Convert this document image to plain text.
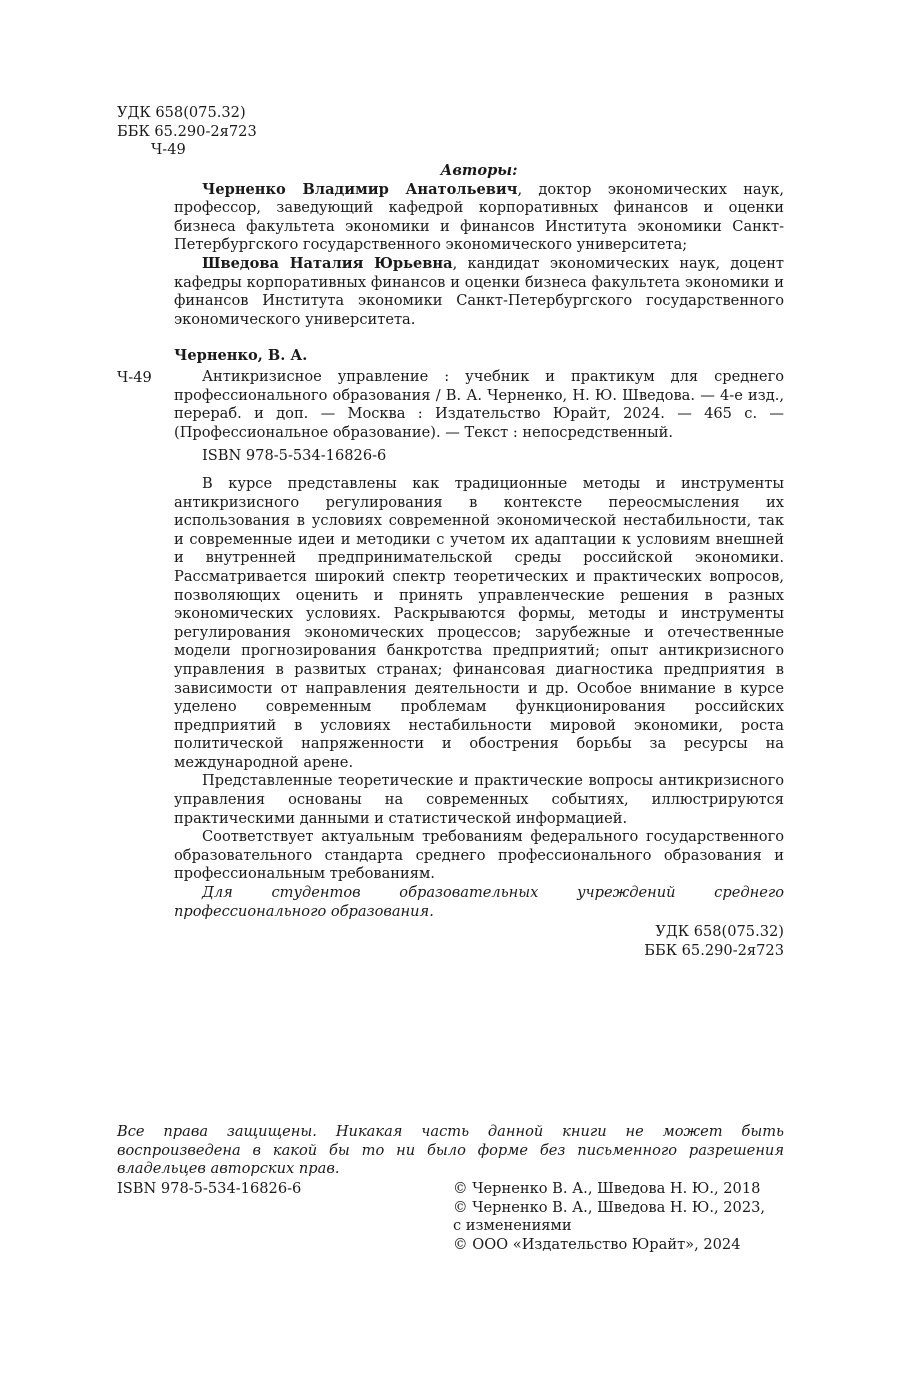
УДК 658(075.32)
ББК 65.290-2я723
Ч-49

Авторы:

Черненко Владимир Анатольевич, доктор экономических наук, профессор, заведующий кафедрой корпоративных финансов и оценки бизнеса факультета экономики и финансов Института экономики Санкт-Петербургского государственного экономического университета;

Шведова Наталия Юрьевна, кандидат экономических наук, доцент кафедры корпоративных финансов и оценки бизнеса факультета экономики и финансов Института экономики Санкт-Петербургского государственного экономического университета.

Черненко, В. А.
Ч-49	Антикризисное управление : учебник и практикум для среднего профессионального образования / В. А. Черненко, Н. Ю. Шведова. — 4-е изд., перераб. и доп. — Москва : Издательство Юрайт, 2024. — 465 с. — (Профессиональное образование). — Текст : непосредственный.

ISBN 978-5-534-16826-6

В курсе представлены как традиционные методы и инструменты антикризисного регулирования в контексте переосмысления их использования в условиях современной экономической нестабильности, так и современные идеи и методики с учетом их адаптации к условиям внешней и внутренней предпринимательской среды российской экономики. Рассматривается широкий спектр теоретических и практических вопросов, позволяющих оценить и принять управленческие решения в разных экономических условиях. Раскрываются формы, методы и инструменты регулирования экономических процессов; зарубежные и отечественные модели прогнозирования банкротства предприятий; опыт антикризисного управления в развитых странах; финансовая диагностика предприятия в зависимости от направления деятельности и др. Особое внимание в курсе уделено современным проблемам функционирования российских предприятий в условиях нестабильности мировой экономики, роста политической напряженности и обострения борьбы за ресурсы на международной арене.

Представленные теоретические и практические вопросы антикризисного управления основаны на современных событиях, иллюстрируются практическими данными и статистической информацией.

Соответствует актуальным требованиям федерального государственного образовательного стандарта среднего профессионального образования и профессиональным требованиям.

Для студентов образовательных учреждений среднего профессионального образования.

УДК 658(075.32)
ББК 65.290-2я723
Все права защищены. Никакая часть данной книги не может быть воспроизведена в какой бы то ни было форме без письменного разрешения владельцев авторских прав.
ISBN 978-5-534-16826-6	© Черненко В. А., Шведова Н. Ю., 2018
© Черненко В. А., Шведова Н. Ю., 2023,
с изменениями
© ООО «Издательство Юрайт», 2024
